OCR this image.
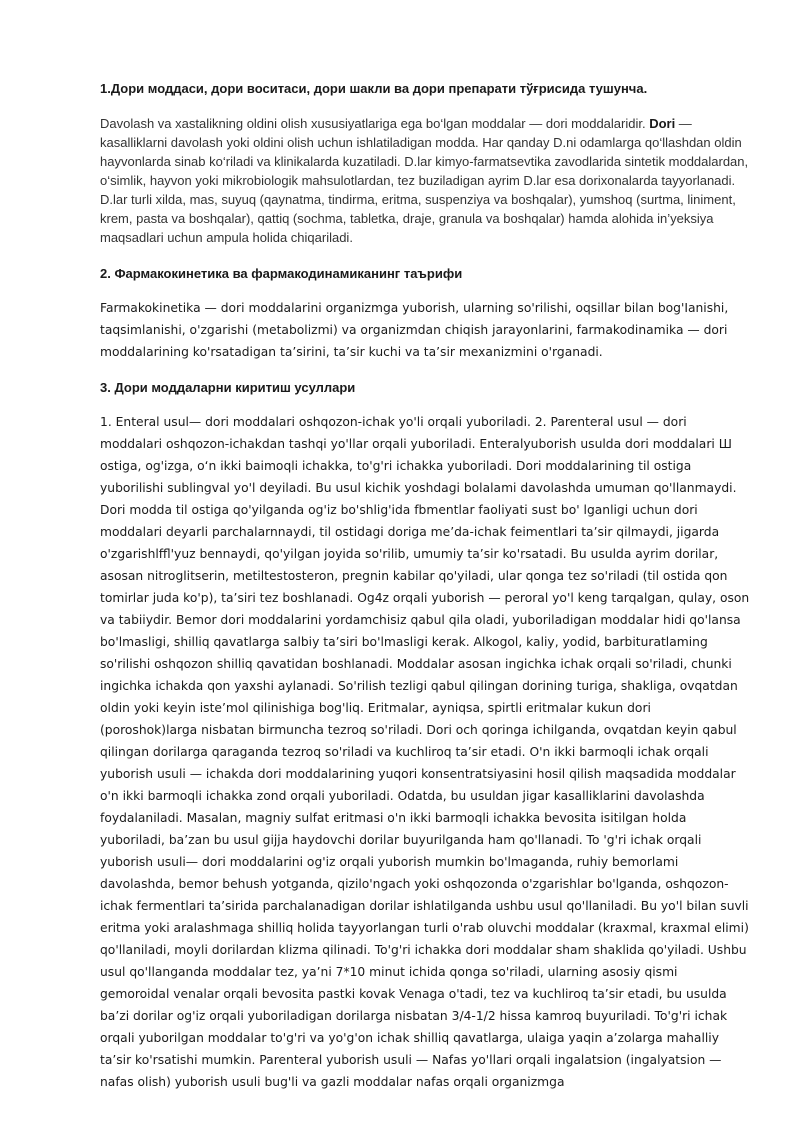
1.Дори моддаси, дори воситаси, дори шакли ва дори препарати тўғрисида тушунча.

Davolash va xastalikning oldini olish xususiyatlariga ega bo‘lgan moddalar — dori moddalaridir. Dori — kasalliklarni davolash yoki oldini olish uchun ishlatiladigan modda. Har qanday D.ni odamlarga qo‘llashdan oldin hayvonlarda sinab ko‘riladi va klinikalarda kuzatiladi. D.lar kimyo-farmatsevtika zavodlarida sintetik moddalardan, o‘simlik, hayvon yoki mikrobiologik mahsulotlardan, tez buziladigan ayrim D.lar esa dorixonalarda tayyorlanadi. D.lar turli xilda, mas, suyuq (qaynatma, tindirma, eritma, suspenziya va boshqalar), yumshoq (surtma, liniment, krem, pasta va boshqalar), qattiq (sochma, tabletka, draje, granula va boshqalar) hamda alohida in’yeksiya maqsadlari uchun ampula holida chiqariladi.

2. Фармакокинетика ва фармакодинамиканинг таърифи

Farmakokinetika — dori moddalarini organizmga yuborish, ularning so'rilishi, oqsillar bilan bog'Ianishi, taqsimlanishi, o'zgarishi (metabolizmi) va organizmdan chiqish jarayonlarini, farmakodinamika — dori moddalarining ko'rsatadigan ta’sirini, ta’sir kuchi va ta’sir mexanizmini o'rganadi.

3. Дори моддаларни киритиш усуллари

1. Enteral usul— dori moddalari oshqozon-ichak yo'li orqali yuboriladi. 2. Parenteral usul — dori moddalari oshqozon-ichakdan tashqi yo'llar orqali yuboriladi. Enteralyuborish usulda dori moddalari Ш ostiga, og'izga, o‘n ikki baimoqli ichakka, to'g'ri ichakka yuboriladi. Dori moddalarining til ostiga yuborilishi sublingval yo'l deyiladi. Bu usul kichik yoshdagi bolalami davolashda umuman qo'llanmaydi. Dori modda til ostiga qo'yilganda og'iz bo'shlig'ida fbmentlar faoliyati sust bo' lganligi uchun dori moddalari deyarli parchalarnnaydi, til ostidagi doriga me’da-ichak feimentlari ta’sir qilmaydi, jigarda o'zgarishlffl'yuz bennaydi, qo'yilgan joyida so'rilib, umumiy ta’sir ko'rsatadi. Bu usulda ayrim dorilar, asosan nitroglitserin, metiltestosteron, pregnin kabilar qo'yiladi, ular qonga tez so'riladi (til ostida qon tomirlar juda ko'p), ta’siri tez boshlanadi. Og4z orqali yuborish — peroral yo'l keng tarqalgan, qulay, oson va tabiiydir. Bemor dori moddalarini yordamchisiz qabul qila oladi, yuboriladigan moddalar hidi qo'lansa bo'lmasligi, shilliq qavatlarga salbiy ta’siri bo'lmasligi kerak. Alkogol, kaliy, yodid, barbituratlaming so'rilishi oshqozon shilliq qavatidan boshlanadi. Moddalar asosan ingichka ichak orqali so'riladi, chunki ingichka ichakda qon yaxshi aylanadi. So'rilish tezligi qabul qilingan dorining turiga, shakliga, ovqatdan oldin yoki keyin iste’mol qilinishiga bog'liq. Eritmalar, ayniqsa, spirtli eritmalar kukun dori (poroshok)larga nisbatan birmuncha tezroq so'riladi. Dori och qoringa ichilganda, ovqatdan keyin qabul qilingan dorilarga qaraganda tezroq so'riladi va kuchliroq ta’sir etadi. O'n ikki barmoqli ichak orqali yuborish usuli — ichakda dori moddalarining yuqori konsentratsiyasini hosil qilish maqsadida moddalar o'n ikki barmoqli ichakka zond orqali yuboriladi. Odatda, bu usuldan jigar kasalliklarini davolashda foydalaniladi. Masalan, magniy sulfat eritmasi o'n ikki barmoqli ichakka bevosita isitilgan holda yuboriladi, ba’zan bu usul gijja haydovchi dorilar buyurilganda ham qo'llanadi. To 'g'ri ichak orqali yuborish usuli— dori moddalarini og'iz orqali yuborish mumkin bo'lmaganda, ruhiy bemorlami davolashda, bemor behush yotganda, qizilo'ngach yoki oshqozonda o'zgarishlar bo'lganda, oshqozon-ichak fermentlari ta’sirida parchalanadigan dorilar ishlatilganda ushbu usul qo'llaniladi. Bu yo'l bilan suvli eritma yoki aralashmaga shilliq holida tayyorlangan turli o'rab oluvchi moddalar (kraxmal, kraxmal elimi) qo'llaniladi, moyli dorilardan klizma qilinadi. To'g'ri ichakka dori moddalar sham shaklida qo'yiladi. Ushbu usul qo'llanganda moddalar tez, ya’ni 7*10 minut ichida qonga so'riladi, ularning asosiy qismi gemoroidal venalar orqali bevosita pastki kovak Venaga o'tadi, tez va kuchliroq ta’sir etadi, bu usulda ba’zi dorilar og'iz orqali yuboriladigan dorilarga nisbatan 3/4-1/2 hissa kamroq buyuriladi. To'g'ri ichak orqali yuborilgan moddalar to'g'ri va yo'g'on ichak shilliq qavatlarga, ulaiga yaqin a’zolarga mahalliy ta’sir ko'rsatishi mumkin. Parenteral yuborish usuli — Nafas yo'llari orqali ingalatsion (ingalyatsion — nafas olish) yuborish usuli bug'li va gazli moddalar nafas orqali organizmga
